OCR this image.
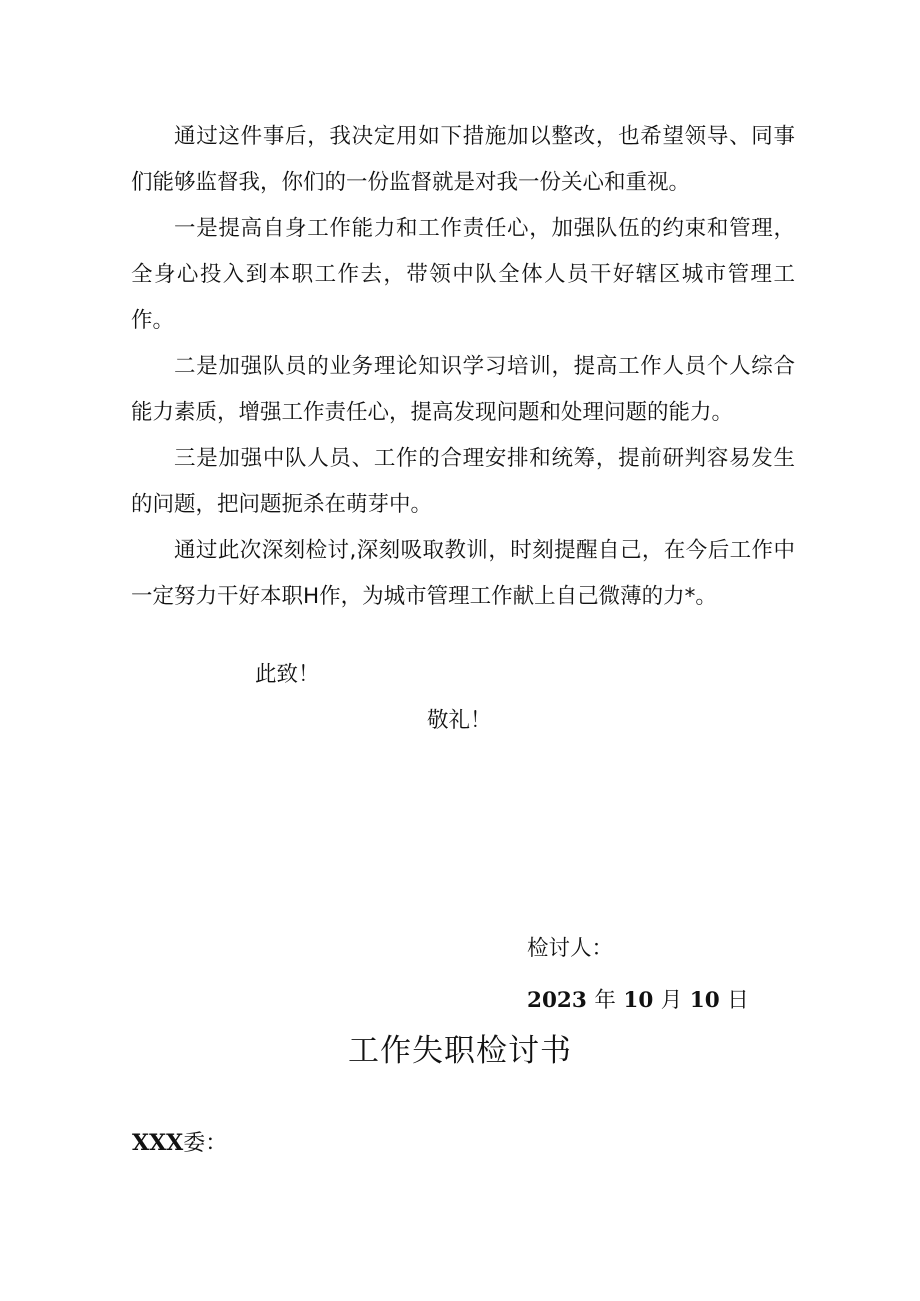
通过这件事后，我决定用如下措施加以整改，也希望领导、同事们能够监督我，你们的一份监督就是对我一份关心和重视。

一是提高自身工作能力和工作责任心，加强队伍的约束和管理，全身心投入到本职工作去，带领中队全体人员干好辖区城市管理工作。

二是加强队员的业务理论知识学习培训，提高工作人员个人综合能力素质，增强工作责任心，提高发现问题和处理问题的能力。

三是加强中队人员、工作的合理安排和统筹，提前研判容易发生的问题，把问题扼杀在萌芽中。

通过此次深刻检讨,深刻吸取教训，时刻提醒自己，在今后工作中一定努力干好本职H作，为城市管理工作献上自己微薄的力*。

此致！

敬礼！

检讨人：

2023 年 10 月 10 日

工作失职检讨书

XXX委：
